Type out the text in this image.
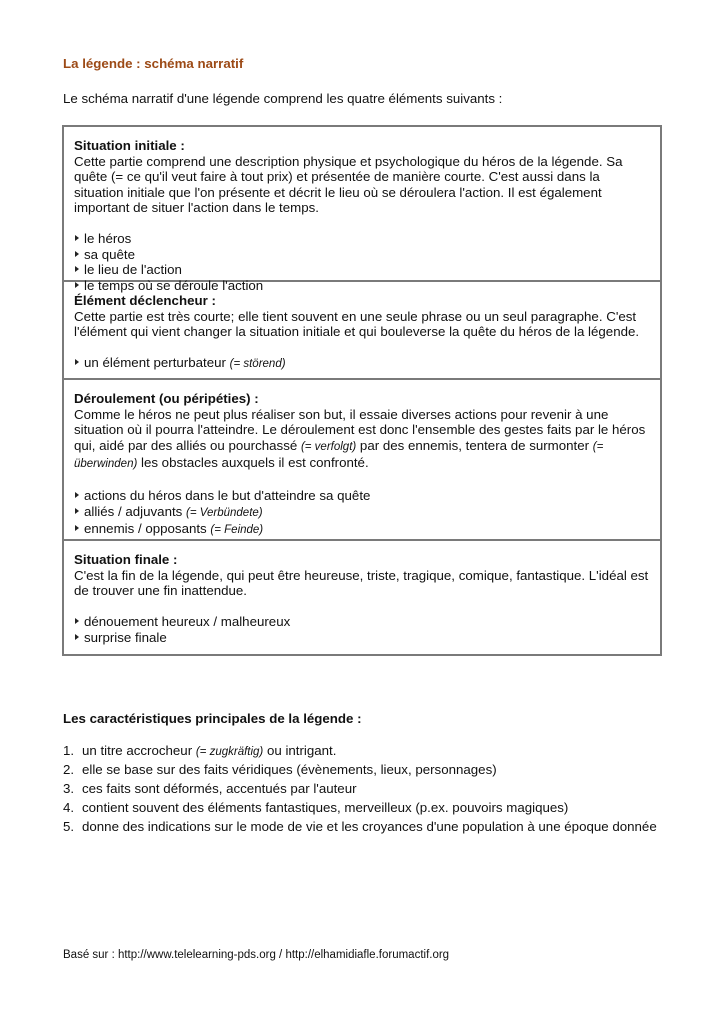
La légende : schéma narratif
Le schéma narratif d'une légende comprend les quatre éléments suivants :
Situation initiale :
Cette partie comprend une description physique et psychologique du héros de la légende. Sa quête (= ce qu'il veut faire à tout prix) et présentée de manière courte. C'est aussi dans la situation initiale que l'on présente et décrit le lieu où se déroulera l'action. Il est également important de situer l'action dans le temps.
le héros
sa quête
le lieu de l'action
le temps où se déroule l'action
Élément déclencheur :
Cette partie est très courte; elle tient souvent en une seule phrase ou un seul paragraphe. C'est l'élément qui vient changer la situation initiale et qui bouleverse la quête du héros de la légende.
un élément perturbateur (= störend)
Déroulement (ou péripéties) :
Comme le héros ne peut plus réaliser son but, il essaie diverses actions pour revenir à une situation où il pourra l'atteindre. Le déroulement est donc l'ensemble des gestes faits par le héros qui, aidé par des alliés ou pourchassé (= verfolgt) par des ennemis, tentera de surmonter (= überwinden) les obstacles auxquels il est confronté.
actions du héros dans le but d'atteindre sa quête
alliés / adjuvants (= Verbündete)
ennemis / opposants (= Feinde)
Situation finale :
C'est la fin de la légende, qui peut être heureuse, triste, tragique, comique, fantastique. L'idéal est de trouver une fin inattendue.
dénouement heureux / malheureux
surprise finale
Les caractéristiques principales de la légende :
1. un titre accrocheur (= zugkräftig) ou intrigant.
2. elle se base sur des faits véridiques (évènements, lieux, personnages)
3. ces faits sont déformés, accentués par l'auteur
4. contient souvent des éléments fantastiques, merveilleux (p.ex. pouvoirs magiques)
5. donne des indications sur le mode de vie et les croyances d'une population à une époque donnée
Basé sur : http://www.telelearning-pds.org / http://elhamidiafle.forumactif.org
